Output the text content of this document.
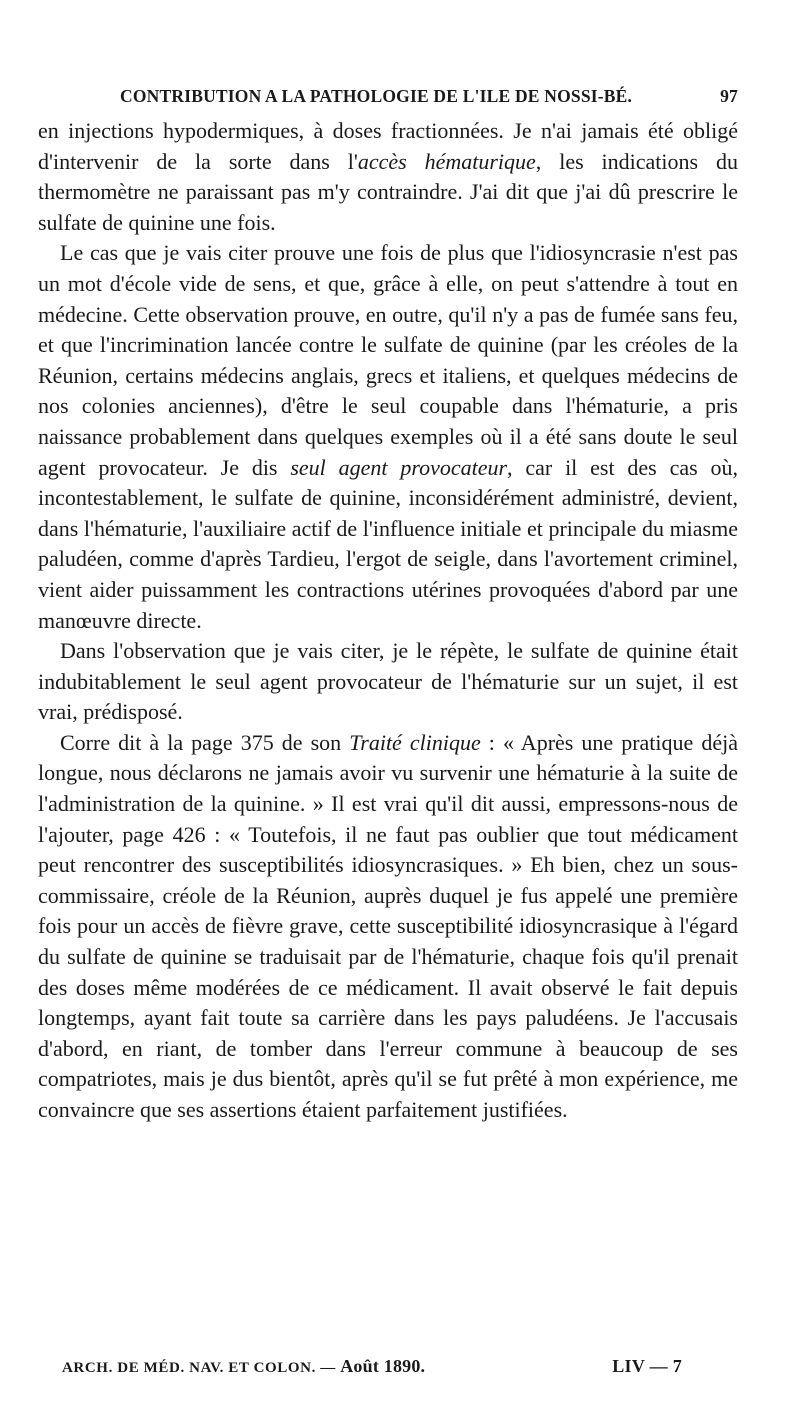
CONTRIBUTION A LA PATHOLOGIE DE L'ILE DE NOSSI-BÉ.	97

en injections hypodermiques, à doses fractionnées. Je n'ai jamais été obligé d'intervenir de la sorte dans l'accès hématurique, les indications du thermomètre ne paraissant pas m'y contraindre. J'ai dit que j'ai dû prescrire le sulfate de quinine une fois.

Le cas que je vais citer prouve une fois de plus que l'idiosyncrasie n'est pas un mot d'école vide de sens, et que, grâce à elle, on peut s'attendre à tout en médecine. Cette observation prouve, en outre, qu'il n'y a pas de fumée sans feu, et que l'incrimination lancée contre le sulfate de quinine (par les créoles de la Réunion, certains médecins anglais, grecs et italiens, et quelques médecins de nos colonies anciennes), d'être le seul coupable dans l'hématurie, a pris naissance probablement dans quelques exemples où il a été sans doute le seul agent provocateur. Je dis seul agent provocateur, car il est des cas où, incontestablement, le sulfate de quinine, inconsidérément administré, devient, dans l'hématurie, l'auxiliaire actif de l'influence initiale et principale du miasme paludéen, comme d'après Tardieu, l'ergot de seigle, dans l'avortement criminel, vient aider puissamment les contractions utérines provoquées d'abord par une manœuvre directe.

Dans l'observation que je vais citer, je le répète, le sulfate de quinine était indubitablement le seul agent provocateur de l'hématurie sur un sujet, il est vrai, prédisposé.

Corre dit à la page 375 de son Traité clinique : « Après une pratique déjà longue, nous déclarons ne jamais avoir vu survenir une hématurie à la suite de l'administration de la quinine. » Il est vrai qu'il dit aussi, empressons-nous de l'ajouter, page 426 : « Toutefois, il ne faut pas oublier que tout médicament peut rencontrer des susceptibilités idiosyncrasiques. » Eh bien, chez un sous-commissaire, créole de la Réunion, auprès duquel je fus appelé une première fois pour un accès de fièvre grave, cette susceptibilité idiosyncrasique à l'égard du sulfate de quinine se traduisait par de l'hématurie, chaque fois qu'il prenait des doses même modérées de ce médicament. Il avait observé le fait depuis longtemps, ayant fait toute sa carrière dans les pays paludéens. Je l'accusais d'abord, en riant, de tomber dans l'erreur commune à beaucoup de ses compatriotes, mais je dus bientôt, après qu'il se fut prêté à mon expérience, me convaincre que ses assertions étaient parfaitement justifiées.

ARCH. DE MÉD. NAV. ET COLON. — Août 1890.	LIV — 7
